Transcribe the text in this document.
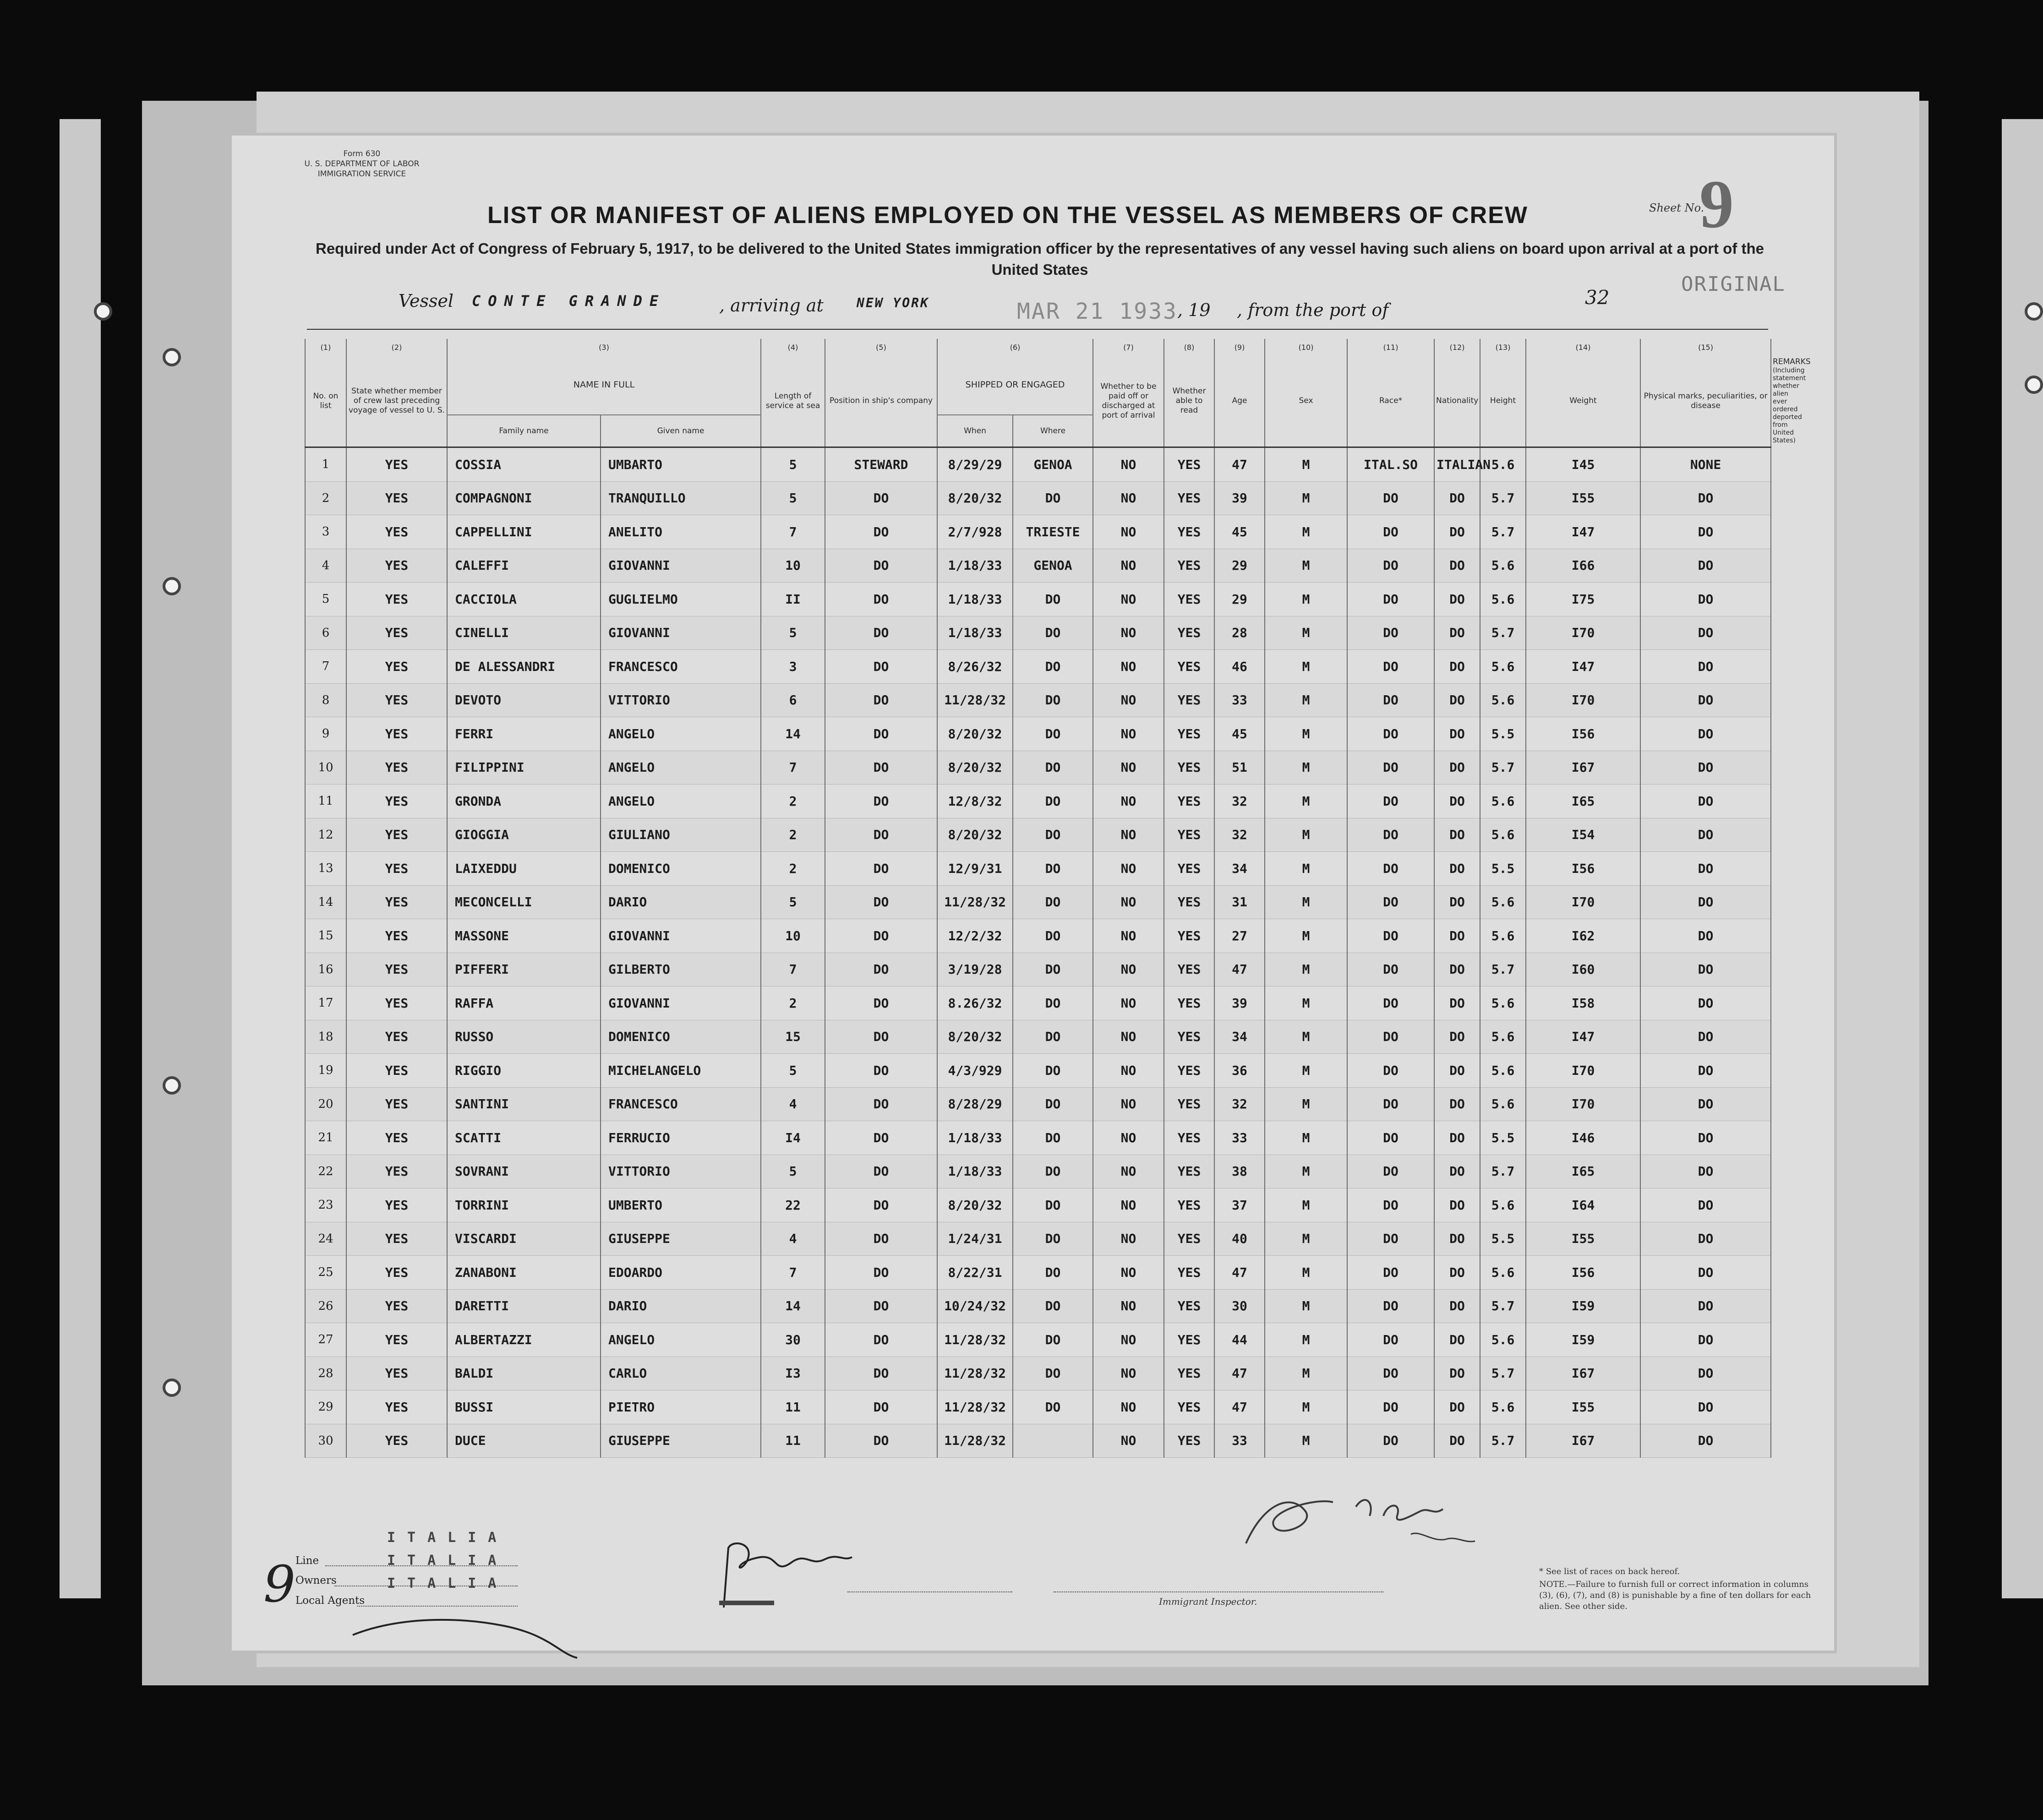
Form 630
U. S. DEPARTMENT OF LABOR
IMMIGRATION SERVICE
LIST OR MANIFEST OF ALIENS EMPLOYED ON THE VESSEL AS MEMBERS OF CREW
Required under Act of Congress of February 5, 1917, to be delivered to the United States immigration officer by the representatives of any vessel having such aliens on board upon arrival at a port of the United States
Sheet No.
9
ORIGINAL
Vessel CONTE GRANDE	, arriving at	NEW YORK	MAR 21 1933 , 19 , from the port of
32
(1)	(2)	(3)		(4)	(5)	(6)		(7)	(8)	(9)	(10)	(11)	(12)	(13)	(14)	(15)	
No. on list	State whether member of crew last preceding voyage of vessel to U. S.	NAME IN FULL		Length of service at sea	Position in ship's company	SHIPPED OR ENGAGED		Whether to be paid off or discharged at port of arrival	Whether able to read	Age	Sex	Race*	Nationality	Height	Weight	Physical marks, peculiarities, or disease	REMARKS
(Including statement whether alien ever ordered deported from United States)

		Family name	Given name			When	Where										
1	YES	COSSIA	UMBARTO	5	STEWARD	8/29/29	GENOA	NO	YES	47	M	ITAL.SO	ITALIAN	5.6	I45	NONE	
2	YES	COMPAGNONI	TRANQUILLO	5	DO	8/20/32	DO	NO	YES	39	M	DO	DO	5.7	I55	DO	
3	YES	CAPPELLINI	ANELITO	7	DO	2/7/928	TRIESTE	NO	YES	45	M	DO	DO	5.7	I47	DO	
4	YES	CALEFFI	GIOVANNI	10	DO	1/18/33	GENOA	NO	YES	29	M	DO	DO	5.6	I66	DO	
5	YES	CACCIOLA	GUGLIELMO	II	DO	1/18/33	DO	NO	YES	29	M	DO	DO	5.6	I75	DO	
6	YES	CINELLI	GIOVANNI	5	DO	1/18/33	DO	NO	YES	28	M	DO	DO	5.7	I70	DO	
7	YES	DE ALESSANDRI	FRANCESCO	3	DO	8/26/32	DO	NO	YES	46	M	DO	DO	5.6	I47	DO	
8	YES	DEVOTO	VITTORIO	6	DO	11/28/32	DO	NO	YES	33	M	DO	DO	5.6	I70	DO	
9	YES	FERRI	ANGELO	14	DO	8/20/32	DO	NO	YES	45	M	DO	DO	5.5	I56	DO	
10	YES	FILIPPINI	ANGELO	7	DO	8/20/32	DO	NO	YES	51	M	DO	DO	5.7	I67	DO	
11	YES	GRONDA	ANGELO	2	DO	12/8/32	DO	NO	YES	32	M	DO	DO	5.6	I65	DO	
12	YES	GIOGGIA	GIULIANO	2	DO	8/20/32	DO	NO	YES	32	M	DO	DO	5.6	I54	DO	
13	YES	LAIXEDDU	DOMENICO	2	DO	12/9/31	DO	NO	YES	34	M	DO	DO	5.5	I56	DO	
14	YES	MECONCELLI	DARIO	5	DO	11/28/32	DO	NO	YES	31	M	DO	DO	5.6	I70	DO	
15	YES	MASSONE	GIOVANNI	10	DO	12/2/32	DO	NO	YES	27	M	DO	DO	5.6	I62	DO	
16	YES	PIFFERI	GILBERTO	7	DO	3/19/28	DO	NO	YES	47	M	DO	DO	5.7	I60	DO	
17	YES	RAFFA	GIOVANNI	2	DO	8.26/32	DO	NO	YES	39	M	DO	DO	5.6	I58	DO	
18	YES	RUSSO	DOMENICO	15	DO	8/20/32	DO	NO	YES	34	M	DO	DO	5.6	I47	DO	
19	YES	RIGGIO	MICHELANGELO	5	DO	4/3/929	DO	NO	YES	36	M	DO	DO	5.6	I70	DO	
20	YES	SANTINI	FRANCESCO	4	DO	8/28/29	DO	NO	YES	32	M	DO	DO	5.6	I70	DO	
21	YES	SCATTI	FERRUCIO	I4	DO	1/18/33	DO	NO	YES	33	M	DO	DO	5.5	I46	DO	
22	YES	SOVRANI	VITTORIO	5	DO	1/18/33	DO	NO	YES	38	M	DO	DO	5.7	I65	DO	
23	YES	TORRINI	UMBERTO	22	DO	8/20/32	DO	NO	YES	37	M	DO	DO	5.6	I64	DO	
24	YES	VISCARDI	GIUSEPPE	4	DO	1/24/31	DO	NO	YES	40	M	DO	DO	5.5	I55	DO	
25	YES	ZANABONI	EDOARDO	7	DO	8/22/31	DO	NO	YES	47	M	DO	DO	5.6	I56	DO	
26	YES	DARETTI	DARIO	14	DO	10/24/32	DO	NO	YES	30	M	DO	DO	5.7	I59	DO	
27	YES	ALBERTAZZI	ANGELO	30	DO	11/28/32	DO	NO	YES	44	M	DO	DO	5.6	I59	DO	
28	YES	BALDI	CARLO	I3	DO	11/28/32	DO	NO	YES	47	M	DO	DO	5.7	I67	DO	
29	YES	BUSSI	PIETRO	11	DO	11/28/32	DO	NO	YES	47	M	DO	DO	5.6	I55	DO	
30	YES	DUCE	GIUSEPPE	11	DO	11/28/32		NO	YES	33	M	DO	DO	5.7	I67	DO	
Line
ITALIA
Owners
ITALIA
Local Agents
ITALIA
9	Immigrant Inspector.
* See list of races on back hereof.
NOTE.—Failure to furnish full or correct information in columns (3), (6), (7), and (8) is punishable by a fine of ten dollars for each alien. See other side.
